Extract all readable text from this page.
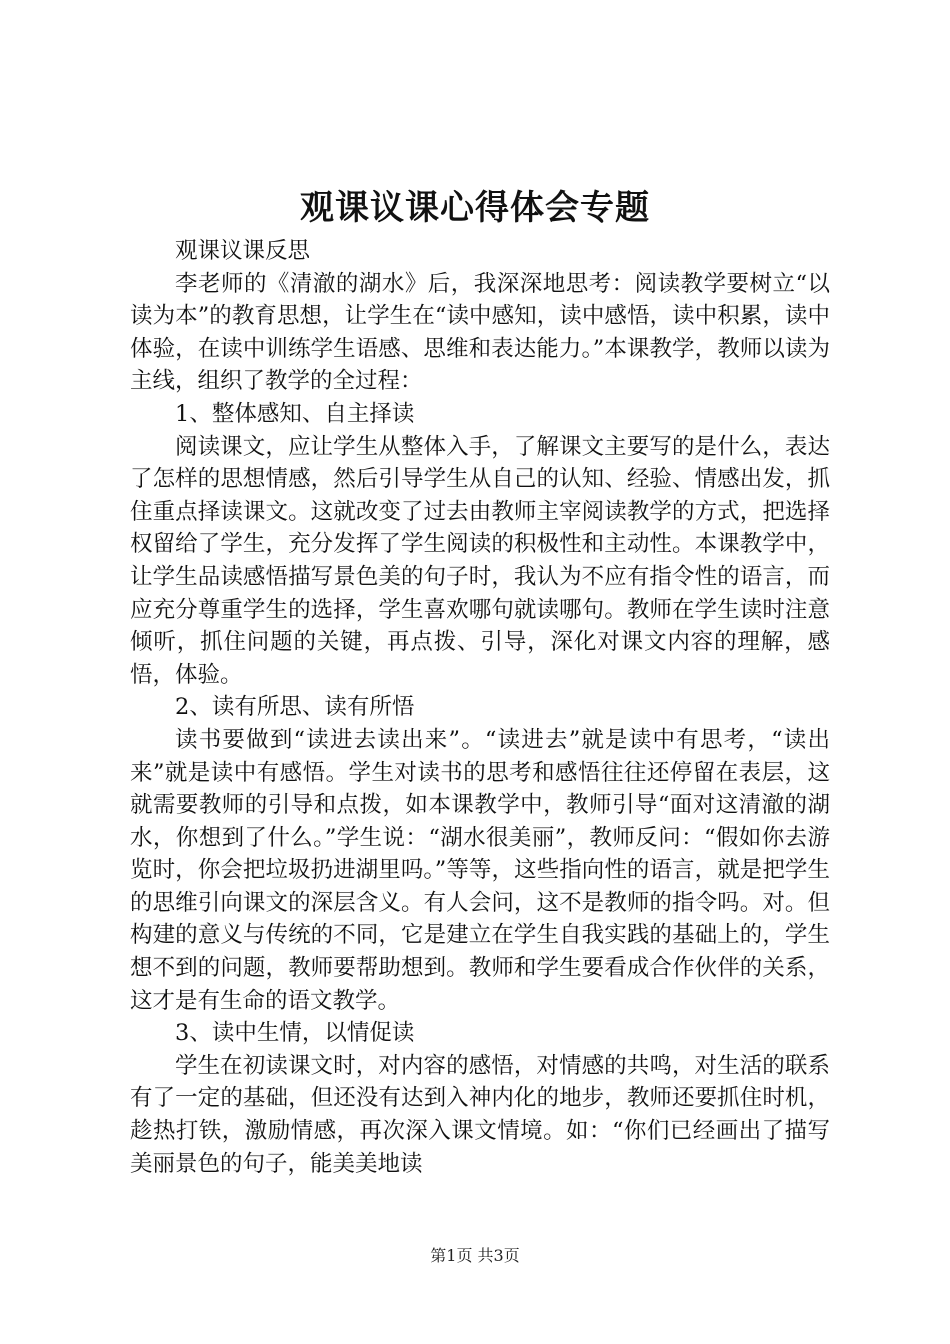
观课议课心得体会专题

观课议课反思

李老师的《清澈的湖水》后，我深深地思考：阅读教学要树立“以读为本”的教育思想，让学生在“读中感知，读中感悟，读中积累，读中体验，在读中训练学生语感、思维和表达能力。”本课教学，教师以读为主线，组织了教学的全过程：

1、整体感知、自主择读

阅读课文，应让学生从整体入手，了解课文主要写的是什么，表达了怎样的思想情感，然后引导学生从自己的认知、经验、情感出发，抓住重点择读课文。这就改变了过去由教师主宰阅读教学的方式，把选择权留给了学生，充分发挥了学生阅读的积极性和主动性。本课教学中，让学生品读感悟描写景色美的句子时，我认为不应有指令性的语言，而应充分尊重学生的选择，学生喜欢哪句就读哪句。教师在学生读时注意倾听，抓住问题的关键，再点拨、引导，深化对课文内容的理解，感悟，体验。

2、读有所思、读有所悟

读书要做到“读进去读出来”。“读进去”就是读中有思考，“读出来”就是读中有感悟。学生对读书的思考和感悟往往还停留在表层，这就需要教师的引导和点拨，如本课教学中，教师引导“面对这清澈的湖水，你想到了什么。”学生说：“湖水很美丽”，教师反问：“假如你去游览时，你会把垃圾扔进湖里吗。”等等，这些指向性的语言，就是把学生的思维引向课文的深层含义。有人会问，这不是教师的指令吗。对。但构建的意义与传统的不同，它是建立在学生自我实践的基础上的，学生想不到的问题，教师要帮助想到。教师和学生要看成合作伙伴的关系，这才是有生命的语文教学。

3、读中生情，以情促读

学生在初读课文时，对内容的感悟，对情感的共鸣，对生活的联系有了一定的基础，但还没有达到入神内化的地步，教师还要抓住时机，趁热打铁，激励情感，再次深入课文情境。如：“你们已经画出了描写美丽景色的句子，能美美地读

第1页 共3页
